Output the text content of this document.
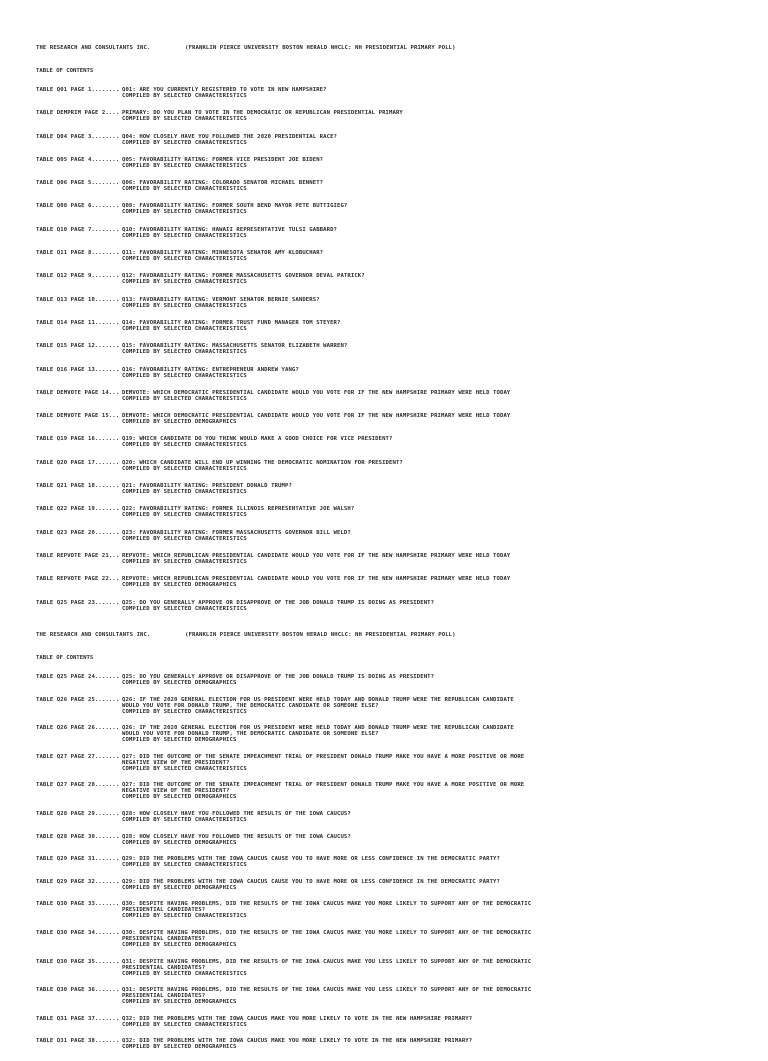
THE RESEARCH AND CONSULTANTS INC.          (FRANKLIN PIERCE UNIVERSITY BOSTON HERALD NHCLC: NH PRESIDENTIAL PRIMARY POLL)
TABLE OF CONTENTS
TABLE Q01 PAGE 1........ Q01: ARE YOU CURRENTLY REGISTERED TO VOTE IN NEW HAMPSHIRE?
COMPILED BY SELECTED CHARACTERISTICS
TABLE DEMPRIM PAGE 2.... PRIMARY: DO YOU PLAN TO VOTE IN THE DEMOCRATIC OR REPUBLICAN PRESIDENTIAL PRIMARY
COMPILED BY SELECTED CHARACTERISTICS
TABLE Q04 PAGE 3........ Q04: HOW CLOSELY HAVE YOU FOLLOWED THE 2020 PRESIDENTIAL RACE?
COMPILED BY SELECTED CHARACTERISTICS
TABLE Q05 PAGE 4........ Q05: FAVORABILITY RATING: FORMER VICE PRESIDENT JOE BIDEN?
COMPILED BY SELECTED CHARACTERISTICS
TABLE Q06 PAGE 5........ Q06: FAVORABILITY RATING: COLORADO SENATOR MICHAEL BENNET?
COMPILED BY SELECTED CHARACTERISTICS
TABLE Q08 PAGE 6........ Q08: FAVORABILITY RATING: FORMER SOUTH BEND MAYOR PETE BUTTIGIEG?
COMPILED BY SELECTED CHARACTERISTICS
TABLE Q10 PAGE 7........ Q10: FAVORABILITY RATING: HAWAII REPRESENTATIVE TULSI GABBARD?
COMPILED BY SELECTED CHARACTERISTICS
TABLE Q11 PAGE 8........ Q11: FAVORABILITY RATING: MINNESOTA SENATOR AMY KLOBUCHAR?
COMPILED BY SELECTED CHARACTERISTICS
TABLE Q12 PAGE 9........ Q12: FAVORABILITY RATING: FORMER MASSACHUSETTS GOVERNOR DEVAL PATRICK?
COMPILED BY SELECTED CHARACTERISTICS
TABLE Q13 PAGE 10....... Q13: FAVORABILITY RATING: VERMONT SENATOR BERNIE SANDERS?
COMPILED BY SELECTED CHARACTERISTICS
TABLE Q14 PAGE 11....... Q14: FAVORABILITY RATING: FORMER TRUST FUND MANAGER TOM STEYER?
COMPILED BY SELECTED CHARACTERISTICS
TABLE Q15 PAGE 12....... Q15: FAVORABILITY RATING: MASSACHUSETTS SENATOR ELIZABETH WARREN?
COMPILED BY SELECTED CHARACTERISTICS
TABLE Q16 PAGE 13....... Q16: FAVORABILITY RATING: ENTREPRENEUR ANDREW YANG?
COMPILED BY SELECTED CHARACTERISTICS
TABLE DEMVOTE PAGE 14... DEMVOTE: WHICH DEMOCRATIC PRESIDENTIAL CANDIDATE WOULD YOU VOTE FOR IF THE NEW HAMPSHIRE PRIMARY WERE HELD TODAY
COMPILED BY SELECTED CHARACTERISTICS
TABLE DEMVOTE PAGE 15... DEMVOTE: WHICH DEMOCRATIC PRESIDENTIAL CANDIDATE WOULD YOU VOTE FOR IF THE NEW HAMPSHIRE PRIMARY WERE HELD TODAY
COMPILED BY SELECTED DEMOGRAPHICS
TABLE Q19 PAGE 16....... Q19: WHICH CANDIDATE DO YOU THINK WOULD MAKE A GOOD CHOICE FOR VICE PRESIDENT?
COMPILED BY SELECTED CHARACTERISTICS
TABLE Q20 PAGE 17....... Q20: WHICH CANDIDATE WILL END UP WINNING THE DEMOCRATIC NOMINATION FOR PRESIDENT?
COMPILED BY SELECTED CHARACTERISTICS
TABLE Q21 PAGE 18....... Q21: FAVORABILITY RATING: PRESIDENT DONALD TRUMP?
COMPILED BY SELECTED CHARACTERISTICS
TABLE Q22 PAGE 19....... Q22: FAVORABILITY RATING: FORMER ILLINOIS REPRESENTATIVE JOE WALSH?
COMPILED BY SELECTED CHARACTERISTICS
TABLE Q23 PAGE 20....... Q23: FAVORABILITY RATING: FORMER MASSACHUSETTS GOVERNOR BILL WELD?
COMPILED BY SELECTED CHARACTERISTICS
TABLE REPVOTE PAGE 21... REPVOTE: WHICH REPUBLICAN PRESIDENTIAL CANDIDATE WOULD YOU VOTE FOR IF THE NEW HAMPSHIRE PRIMARY WERE HELD TODAY
COMPILED BY SELECTED CHARACTERISTICS
TABLE REPVOTE PAGE 22... REPVOTE: WHICH REPUBLICAN PRESIDENTIAL CANDIDATE WOULD YOU VOTE FOR IF THE NEW HAMPSHIRE PRIMARY WERE HELD TODAY
COMPILED BY SELECTED DEMOGRAPHICS
TABLE Q25 PAGE 23....... Q25: DO YOU GENERALLY APPROVE OR DISAPPROVE OF THE JOB DONALD TRUMP IS DOING AS PRESIDENT?
COMPILED BY SELECTED CHARACTERISTICS
THE RESEARCH AND CONSULTANTS INC.          (FRANKLIN PIERCE UNIVERSITY BOSTON HERALD NHCLC: NH PRESIDENTIAL PRIMARY POLL)
TABLE OF CONTENTS
TABLE Q25 PAGE 24....... Q25: DO YOU GENERALLY APPROVE OR DISAPPROVE OF THE JOB DONALD TRUMP IS DOING AS PRESIDENT?
COMPILED BY SELECTED DEMOGRAPHICS
TABLE Q26 PAGE 25....... Q26: IF THE 2020 GENERAL ELECTION FOR US PRESIDENT WERE HELD TODAY AND DONALD TRUMP WERE THE REPUBLICAN CANDIDATE
WOULD YOU VOTE FOR DONALD TRUMP, THE DEMOCRATIC CANDIDATE OR SOMEONE ELSE?
COMPILED BY SELECTED CHARACTERISTICS
TABLE Q26 PAGE 26....... Q26: IF THE 2020 GENERAL ELECTION FOR US PRESIDENT WERE HELD TODAY AND DONALD TRUMP WERE THE REPUBLICAN CANDIDATE
WOULD YOU VOTE FOR DONALD TRUMP, THE DEMOCRATIC CANDIDATE OR SOMEONE ELSE?
COMPILED BY SELECTED DEMOGRAPHICS
TABLE Q27 PAGE 27....... Q27: DID THE OUTCOME OF THE SENATE IMPEACHMENT TRIAL OF PRESIDENT DONALD TRUMP MAKE YOU HAVE A MORE POSITIVE OR MORE
NEGATIVE VIEW OF THE PRESIDENT?
COMPILED BY SELECTED CHARACTERISTICS
TABLE Q27 PAGE 28....... Q27: DID THE OUTCOME OF THE SENATE IMPEACHMENT TRIAL OF PRESIDENT DONALD TRUMP MAKE YOU HAVE A MORE POSITIVE OR MORE
NEGATIVE VIEW OF THE PRESIDENT?
COMPILED BY SELECTED DEMOGRAPHICS
TABLE Q28 PAGE 29....... Q28: HOW CLOSELY HAVE YOU FOLLOWED THE RESULTS OF THE IOWA CAUCUS?
COMPILED BY SELECTED CHARACTERISTICS
TABLE Q28 PAGE 30....... Q28: HOW CLOSELY HAVE YOU FOLLOWED THE RESULTS OF THE IOWA CAUCUS?
COMPILED BY SELECTED DEMOGRAPHICS
TABLE Q29 PAGE 31....... Q29: DID THE PROBLEMS WITH THE IOWA CAUCUS CAUSE YOU TO HAVE MORE OR LESS CONFIDENCE IN THE DEMOCRATIC PARTY?
COMPILED BY SELECTED CHARACTERISTICS
TABLE Q29 PAGE 32....... Q29: DID THE PROBLEMS WITH THE IOWA CAUCUS CAUSE YOU TO HAVE MORE OR LESS CONFIDENCE IN THE DEMOCRATIC PARTY?
COMPILED BY SELECTED DEMOGRAPHICS
TABLE Q30 PAGE 33....... Q30: DESPITE HAVING PROBLEMS, DID THE RESULTS OF THE IOWA CAUCUS MAKE YOU MORE LIKELY TO SUPPORT ANY OF THE DEMOCRATIC
PRESIDENTIAL CANDIDATES?
COMPILED BY SELECTED CHARACTERISTICS
TABLE Q30 PAGE 34....... Q30: DESPITE HAVING PROBLEMS, DID THE RESULTS OF THE IOWA CAUCUS MAKE YOU MORE LIKELY TO SUPPORT ANY OF THE DEMOCRATIC
PRESIDENTIAL CANDIDATES?
COMPILED BY SELECTED DEMOGRAPHICS
TABLE Q30 PAGE 35....... Q31: DESPITE HAVING PROBLEMS, DID THE RESULTS OF THE IOWA CAUCUS MAKE YOU LESS LIKELY TO SUPPORT ANY OF THE DEMOCRATIC
PRESIDENTIAL CANDIDATES?
COMPILED BY SELECTED CHARACTERISTICS
TABLE Q30 PAGE 36....... Q31: DESPITE HAVING PROBLEMS, DID THE RESULTS OF THE IOWA CAUCUS MAKE YOU LESS LIKELY TO SUPPORT ANY OF THE DEMOCRATIC
PRESIDENTIAL CANDIDATES?
COMPILED BY SELECTED DEMOGRAPHICS
TABLE Q31 PAGE 37....... Q32: DID THE PROBLEMS WITH THE IOWA CAUCUS MAKE YOU MORE LIKELY TO VOTE IN THE NEW HAMPSHIRE PRIMARY?
COMPILED BY SELECTED CHARACTERISTICS
TABLE Q31 PAGE 38....... Q32: DID THE PROBLEMS WITH THE IOWA CAUCUS MAKE YOU MORE LIKELY TO VOTE IN THE NEW HAMPSHIRE PRIMARY?
COMPILED BY SELECTED DEMOGRAPHICS
